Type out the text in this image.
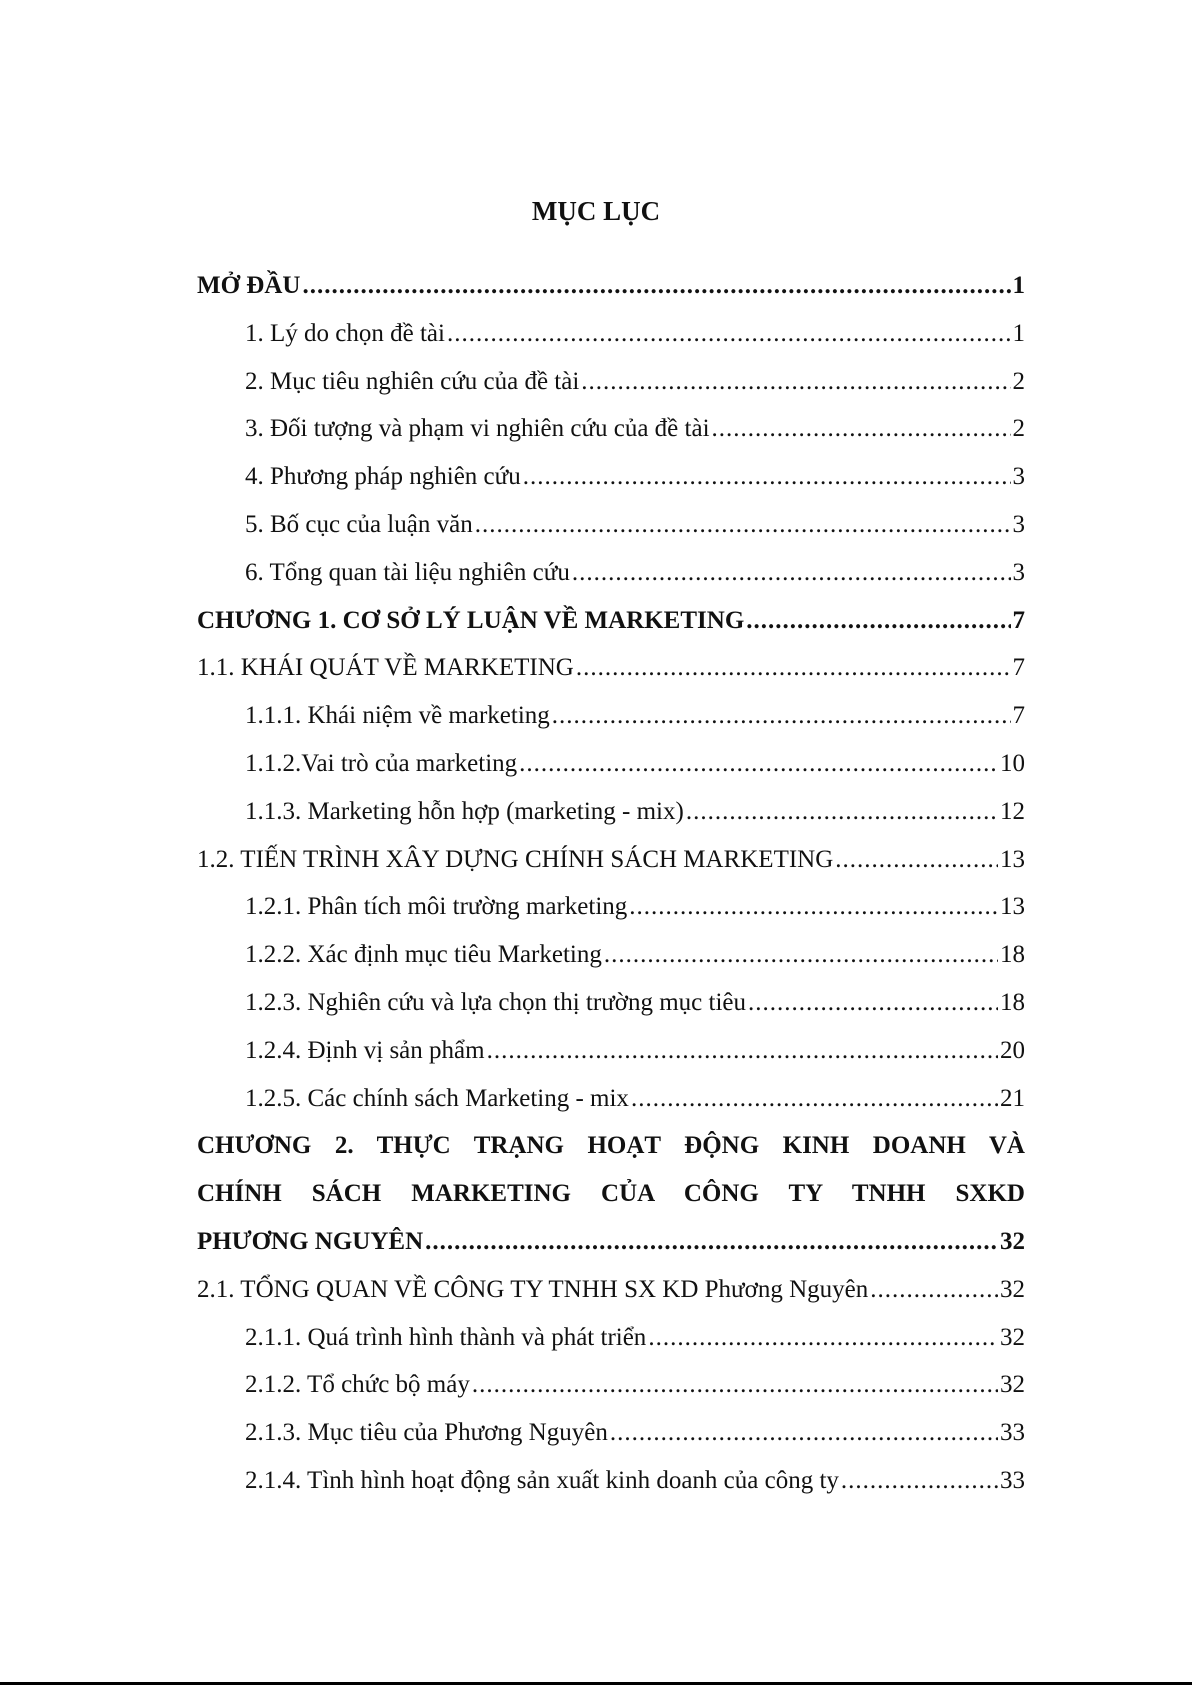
MỤC LỤC
MỞ ĐẦU .....	1
1. Lý do chọn đề tài .....	1
2. Mục tiêu nghiên cứu của đề tài .....	2
3. Đối tượng và phạm vi nghiên cứu của đề tài .....	2
4. Phương pháp nghiên cứu .....	3
5. Bố cục của luận văn .....	3
6. Tổng quan tài liệu nghiên cứu .....	3
CHƯƠNG 1. CƠ SỞ LÝ LUẬN VỀ MARKETING .....	7
1.1. KHÁI QUÁT VỀ MARKETING .....	7
1.1.1. Khái niệm về marketing .....	7
1.1.2.Vai trò của marketing .....	10
1.1.3. Marketing hỗn hợp (marketing - mix) .....	12
1.2. TIẾN TRÌNH XÂY DỰNG CHÍNH SÁCH MARKETING .....	13
1.2.1. Phân tích môi trường marketing .....	13
1.2.2. Xác định mục tiêu Marketing .....	18
1.2.3. Nghiên cứu và lựa chọn thị trường mục tiêu .....	18
1.2.4. Định vị sản phẩm .....	20
1.2.5. Các chính sách Marketing - mix .....	21
CHƯƠNG 2. THỰC TRẠNG HOẠT ĐỘNG KINH DOANH VÀ
CHÍNH SÁCH MARKETING CỦA CÔNG TY TNHH SXKD
PHƯƠNG NGUYÊN .....	32
2.1. TỔNG QUAN VỀ CÔNG TY TNHH SX KD Phương Nguyên .....	32
2.1.1. Quá trình hình thành và phát triển .....	32
2.1.2. Tổ chức bộ máy .....	32
2.1.3. Mục tiêu của Phương Nguyên .....	33
2.1.4. Tình hình hoạt động sản xuất kinh doanh của công ty .....	33
